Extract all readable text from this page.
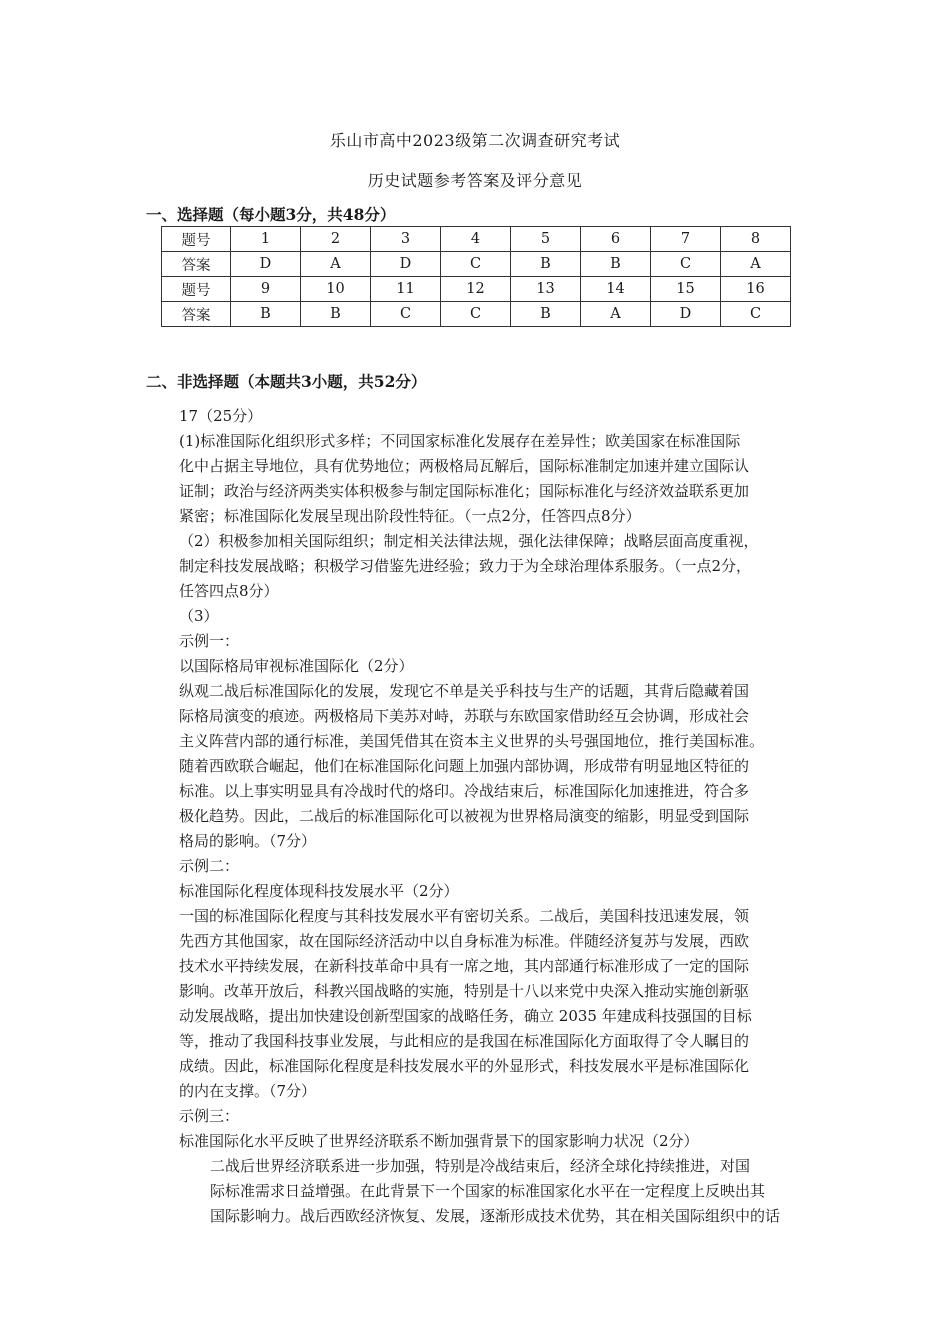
乐山市高中2023级第二次调查研究考试
历史试题参考答案及评分意见
一、选择题（每小题3分，共48分）
题号	1	2	3	4	5	6	7	8
答案	D	A	D	C	B	B	C	A
题号	9	10	11	12	13	14	15	16
答案	B	B	C	C	B	A	D	C
二、非选择题（本题共3小题，共52分）

17（25分）

(1)标准国际化组织形式多样；不同国家标准化发展存在差异性；欧美国家在标准国际

化中占据主导地位，具有优势地位；两极格局瓦解后，国际标准制定加速并建立国际认

证制；政治与经济两类实体积极参与制定国际标准化；国际标准化与经济效益联系更加

紧密；标准国际化发展呈现出阶段性特征。（一点2分，任答四点8分）

（2）积极参加相关国际组织；制定相关法律法规，强化法律保障；战略层面高度重视，

制定科技发展战略；积极学习借鉴先进经验；致力于为全球治理体系服务。（一点2分，

任答四点8分）

（3）

示例一：

以国际格局审视标准国际化（2分）

纵观二战后标准国际化的发展，发现它不单是关乎科技与生产的话题，其背后隐藏着国

际格局演变的痕迹。两极格局下美苏对峙，苏联与东欧国家借助经互会协调，形成社会

主义阵营内部的通行标准，美国凭借其在资本主义世界的头号强国地位，推行美国标准。

随着西欧联合崛起，他们在标准国际化问题上加强内部协调，形成带有明显地区特征的

标准。以上事实明显具有冷战时代的烙印。冷战结束后，标准国际化加速推进，符合多

极化趋势。因此，二战后的标准国际化可以被视为世界格局演变的缩影，明显受到国际

格局的影响。（7分）

示例二：

标准国际化程度体现科技发展水平（2分）

一国的标准国际化程度与其科技发展水平有密切关系。二战后，美国科技迅速发展，领

先西方其他国家，故在国际经济活动中以自身标准为标准。伴随经济复苏与发展，西欧

技术水平持续发展，在新科技革命中具有一席之地，其内部通行标准形成了一定的国际

影响。改革开放后，科教兴国战略的实施，特别是十八以来党中央深入推动实施创新驱

动发展战略，提出加快建设创新型国家的战略任务，确立 2035 年建成科技强国的目标

等，推动了我国科技事业发展，与此相应的是我国在标准国际化方面取得了令人瞩目的

成绩。因此，标准国际化程度是科技发展水平的外显形式，科技发展水平是标准国际化

的内在支撑。（7分）

示例三：

标准国际化水平反映了世界经济联系不断加强背景下的国家影响力状况（2分）

二战后世界经济联系进一步加强，特别是冷战结束后，经济全球化持续推进，对国

际标准需求日益增强。在此背景下一个国家的标准国家化水平在一定程度上反映出其

国际影响力。战后西欧经济恢复、发展，逐渐形成技术优势，其在相关国际组织中的话
